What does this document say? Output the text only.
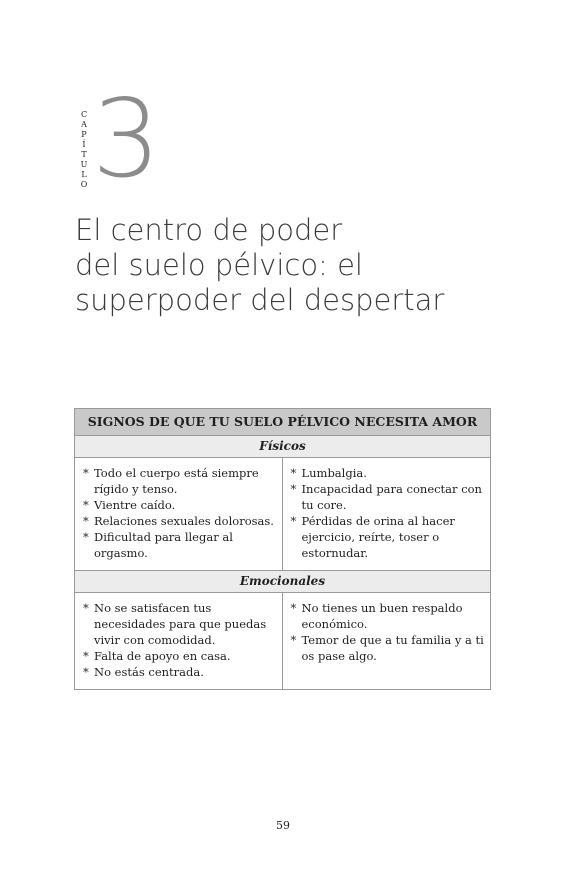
C
A
P
Í
T
U
L
O 3
El centro de poder
del suelo pélvico: el
superpoder del despertar
SIGNOS DE QUE TU SUELO PÉLVICO NECESITA AMOR
Físicos
* Todo el cuerpo está siempre rígido y tenso.
* Vientre caído.
* Relaciones sexuales dolorosas.
* Dificultad para llegar al orgasmo.
* Lumbalgia.
* Incapacidad para conectar con tu core.
* Pérdidas de orina al hacer ejercicio, reírte, toser o estornudar.
Emocionales
* No se satisfacen tus necesidades para que puedas vivir con comodidad.
* Falta de apoyo en casa.
* No estás centrada.
* No tienes un buen respaldo económico.
* Temor de que a tu familia y a ti os pase algo.
59
